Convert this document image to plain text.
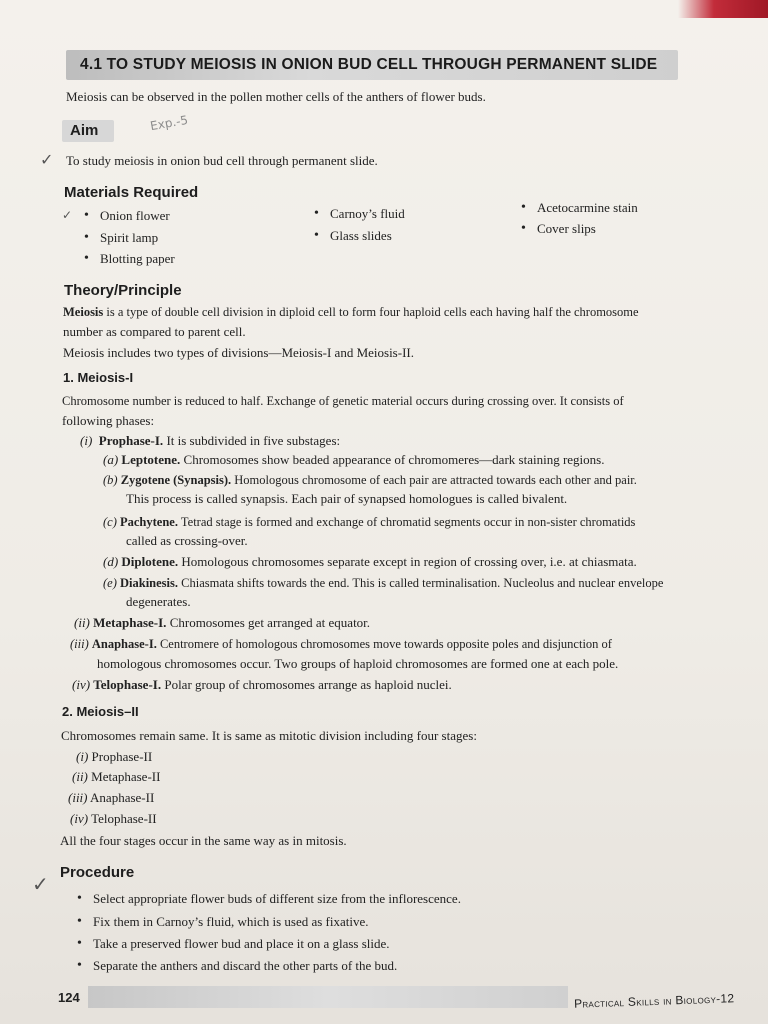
4.1 TO STUDY MEIOSIS IN ONION BUD CELL THROUGH PERMANENT SLIDE
Meiosis can be observed in the pollen mother cells of the anthers of flower buds.
Aim	Exp.-5
✓ To study meiosis in onion bud cell through permanent slide.
Materials Required
✓
• Onion flower
• Spirit lamp
• Blotting paper
• Carnoy’s fluid
• Glass slides
• Acetocarmine stain
• Cover slips
Theory/Principle
Meiosis is a type of double cell division in diploid cell to form four haploid cells each having half the chromosome
number as compared to parent cell.
Meiosis includes two types of divisions—Meiosis-I and Meiosis-II.
1. Meiosis-I
Chromosome number is reduced to half. Exchange of genetic material occurs during crossing over. It consists of
following phases:
(i) Prophase-I. It is subdivided in five substages:
(a) Leptotene. Chromosomes show beaded appearance of chromomeres—dark staining regions.
(b) Zygotene (Synapsis). Homologous chromosome of each pair are attracted towards each other and pair.
This process is called synapsis. Each pair of synapsed homologues is called bivalent.
(c) Pachytene. Tetrad stage is formed and exchange of chromatid segments occur in non-sister chromatids
called as crossing-over.
(d) Diplotene. Homologous chromosomes separate except in region of crossing over, i.e. at chiasmata.
(e) Diakinesis. Chiasmata shifts towards the end. This is called terminalisation. Nucleolus and nuclear envelope
degenerates.
(ii) Metaphase-I. Chromosomes get arranged at equator.
(iii) Anaphase-I. Centromere of homologous chromosomes move towards opposite poles and disjunction of
homologous chromosomes occur. Two groups of haploid chromosomes are formed one at each pole.
(iv) Telophase-I. Polar group of chromosomes arrange as haploid nuclei.
2. Meiosis–II
Chromosomes remain same. It is same as mitotic division including four stages:
(i) Prophase-II
(ii) Metaphase-II
(iii) Anaphase-II
(iv) Telophase-II
All the four stages occur in the same way as in mitosis.
✓ Procedure
• Select appropriate flower buds of different size from the inflorescence.
• Fix them in Carnoy’s fluid, which is used as fixative.
• Take a preserved flower bud and place it on a glass slide.
• Separate the anthers and discard the other parts of the bud.
124	Practical Skills in Biology-12
